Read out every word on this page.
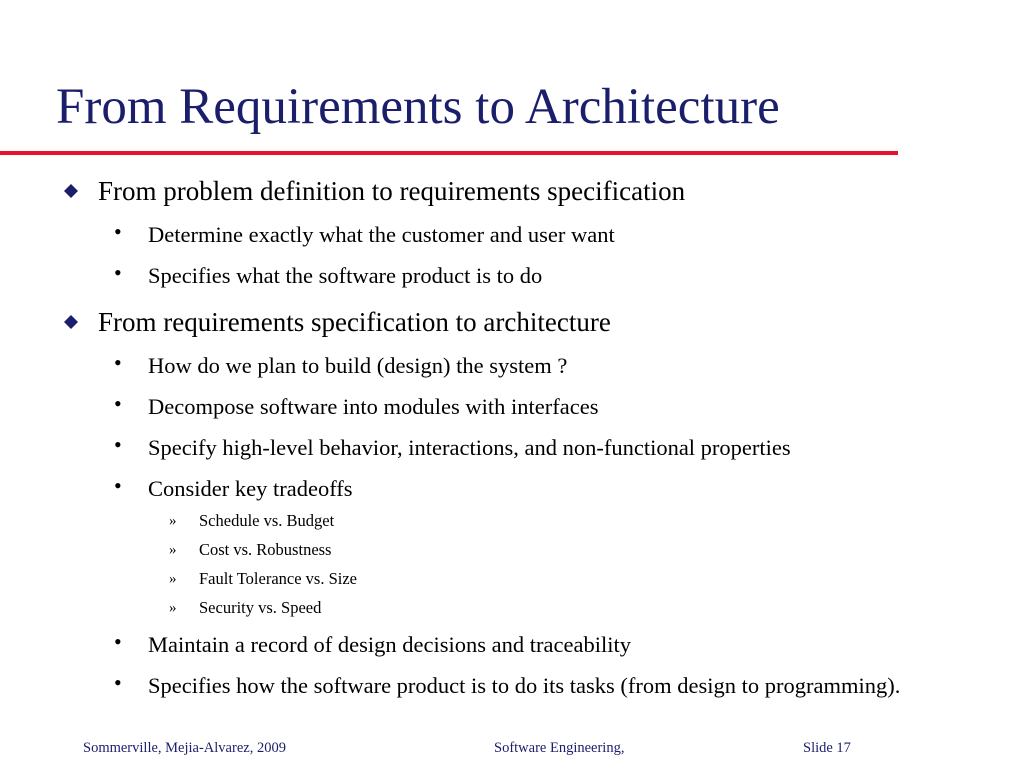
From Requirements to Architecture
From problem definition to requirements specification
• Determine exactly what the customer and user want
• Specifies what the software product is to do
From requirements specification to architecture
• How do we plan to build (design) the system ?
• Decompose software into modules with interfaces
• Specify high-level behavior, interactions, and non-functional properties
• Consider key tradeoffs
» Schedule vs. Budget
» Cost vs. Robustness
» Fault Tolerance vs. Size
» Security vs. Speed
• Maintain a record of design decisions and traceability
• Specifies how the software product is to do its tasks (from design to programming).
Sommerville, Mejia-Alvarez, 2009	Software Engineering,	Slide 17
